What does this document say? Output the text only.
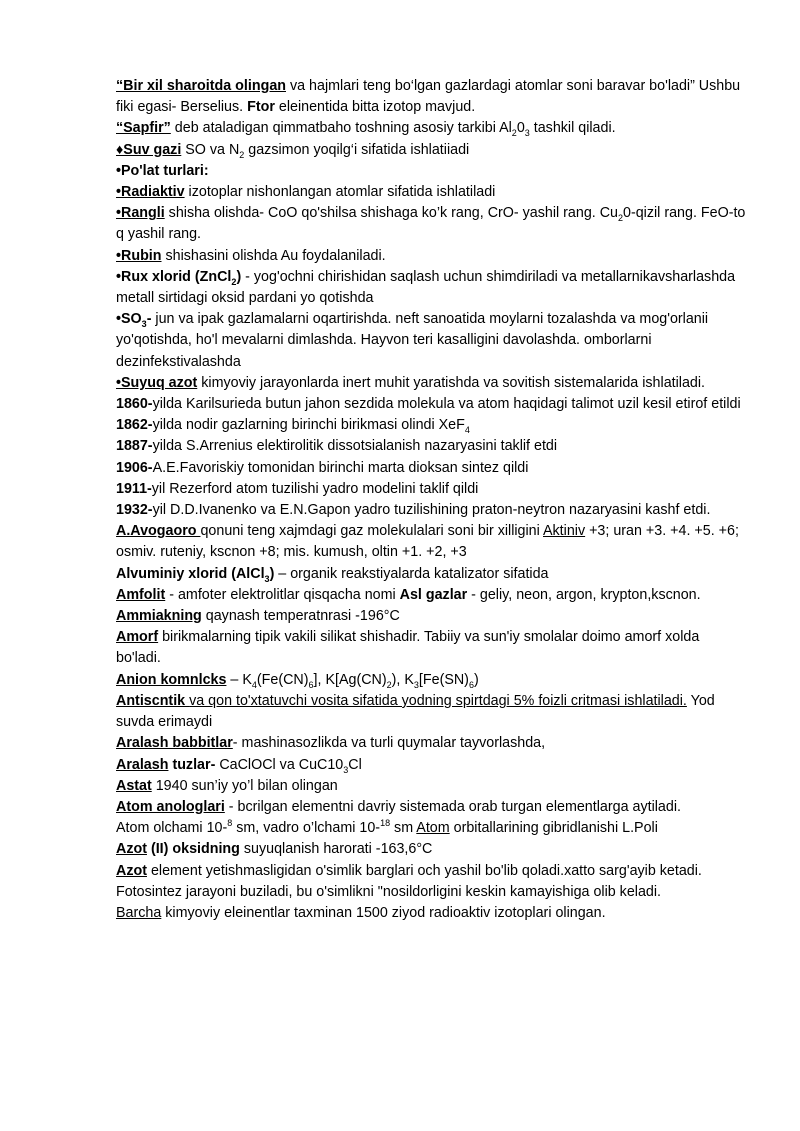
“Bir xil sharoitda olingan va hajmlari teng bo‘lgan gazlardagi atomlar soni baravar bo'ladi” Ushbu fiki egasi- Berselius. Ftor eleinentida bitta izotop mavjud.

“Sapfir” deb ataladigan qimmatbaho toshning asosiy tarkibi $Al_20_3$ tashkil qiladi.

♦Suv gazi SO va $N_2$ gazsimon yoqilg‘i sifatida ishlatiiadi

•Po'lat turlari:

•Radiaktiv izotoplar nishonlangan atomlar sifatida ishlatiladi

•Rangli shisha olishda- CoO qo'shilsa shishaga ko’k rang, CrO- yashil rang. $Cu_20$-qizil rang. FeO-to q yashil rang.

•Rubin shishasini olishda Au foydalaniladi.

•Rux xlorid (ZnCl$_2$) - yog'ochni chirishidan saqlash uchun shimdiriladi va metallarnikavsharlashda metall sirtidagi oksid pardani yo qotishda

$•SO_3-$ jun va ipak gazlamalarni oqartirishda. neft sanoatida moylarni tozalashda va mog'orlanii yo'qotishda, ho'l mevalarni dimlashda. Hayvon teri kasalligini davolashda. omborlarni dezinfekstivalashda

•Suyuq azot kimyoviy jarayonlarda inert muhit yaratishda va sovitish sistemalarida ishlatiladi.

1860-yilda Karilsurieda butun jahon sezdida molekula va atom haqidagi talimot uzil kesil etirof etildi

1862-yilda nodir gazlarning birinchi birikmasi olindi XeF$_4$

1887-yilda S.Arrenius elektirolitik dissotsialanish nazaryasini taklif etdi

1906-A.E.Favoriskiy tomonidan birinchi marta dioksan sintez qildi

1911-yil Rezerford atom tuzilishi yadro modelini taklif qildi

1932-yil D.D.Ivanenko va E.N.Gapon yadro tuzilishining praton-neytron nazaryasini kashf etdi.

A.Avogaoro qonuni teng xajmdagi gaz molekulalari soni bir xilligini Aktiniv +3; uran +3. +4. +5. +6; osmiv. ruteniy, kscnon +8; mis. kumush, oltin +1. +2, +3

Alvuminiy xlorid (AlCl$_3$) – organik reakstiyalarda katalizator sifatida

Amfolit - amfoter elektrolitlar qisqacha nomi Asl gazlar - geliy, neon, argon, krypton,kscnon.

Ammiakning qaynash temperatnrasi -196°C

Amorf birikmalarning tipik vakili silikat shishadir. Tabiiy va sun'iy smolalar doimo amorf xolda bo'ladi.

Anion komnlcks – $K_4(Fe(CN)_6]$, $K[Ag(CN)_2)$, $K_3[Fe(SN)_6)$

Antiscntik va qon to'xtatuvchi vosita sifatida yodning spirtdagi 5% foizli critmasi ishlatiladi. Yod suvda erimaydi

Aralash babbitlar- mashinasozlikda va turli quymalar tayvorlashda,

Aralash tuzlar- CaClOCl va $CuC10_3Cl$

Astat 1940 sun’iy yo’l bilan olingan

Atom anologlari - bcrilgan elementni davriy sistemada orab turgan elementlarga aytiladi.

Atom olchami 10-$^8$ sm, vadro o’lchami 10-$^{18}$ sm Atom orbitallarining gibridlanishi L.Poli

Azot (II) oksidning suyuqlanish harorati -163,6°C

Azot element yetishmasligidan o'simlik barglari och yashil bo'lib qoladi.xatto sarg'ayib ketadi. Fotosintez jarayoni buziladi, bu o'simlikni "nosildorligini keskin kamayishiga olib keladi.

Barcha kimyoviy eleinentlar taxminan 1500 ziyod radioaktiv izotoplari olingan.
